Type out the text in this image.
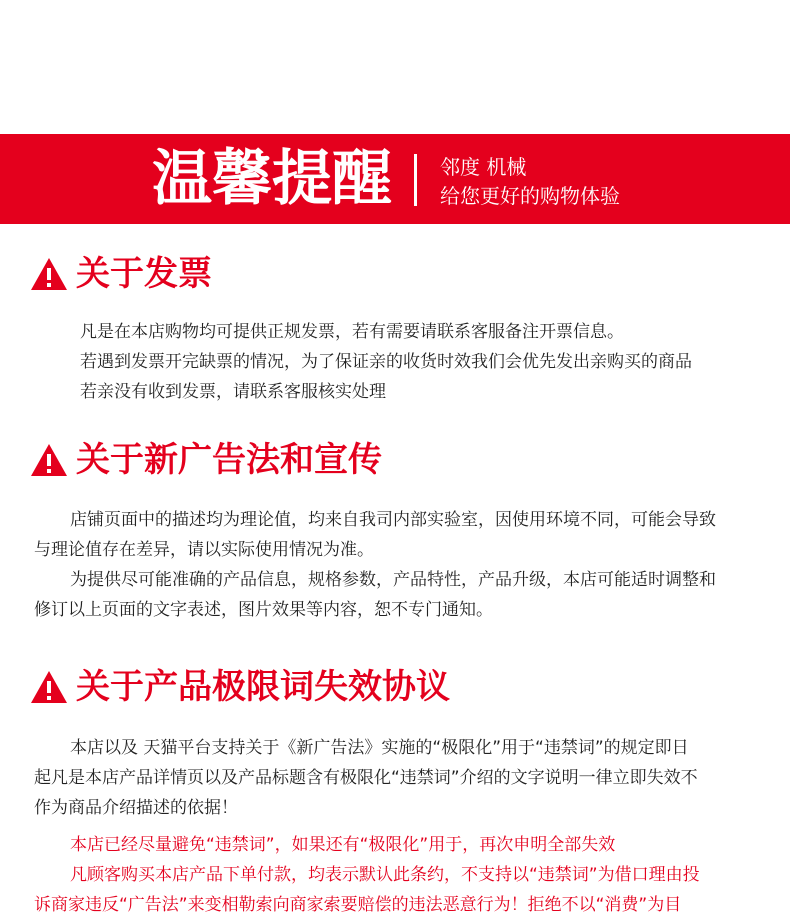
温馨提醒 邻度 机械
给您更好的购物体验
关于发票
凡是在本店购物均可提供正规发票，若有需要请联系客服备注开票信息。
若遇到发票开完缺票的情况，为了保证亲的收货时效我们会优先发出亲购买的商品
若亲没有收到发票，请联系客服核实处理
关于新广告法和宣传
店铺页面中的描述均为理论值，均来自我司内部实验室，因使用环境不同，可能会导致
与理论值存在差异，请以实际使用情况为准。
为提供尽可能准确的产品信息，规格参数，产品特性，产品升级，本店可能适时调整和
修订以上页面的文字表述，图片效果等内容，恕不专门通知。
关于产品极限词失效协议
本店以及 天猫平台支持关于《新广告法》实施的“极限化”用于“违禁词”的规定即日
起凡是本店产品详情页以及产品标题含有极限化“违禁词”介绍的文字说明一律立即失效不
作为商品介绍描述的依据！
本店已经尽量避免“违禁词”，如果还有“极限化”用于，再次申明全部失效
凡顾客购买本店产品下单付款，均表示默认此条约，不支持以“违禁词”为借口理由投
诉商家违反“广告法”来变相勒索向商家索要赔偿的违法恶意行为！拒绝不以“消费”为目
